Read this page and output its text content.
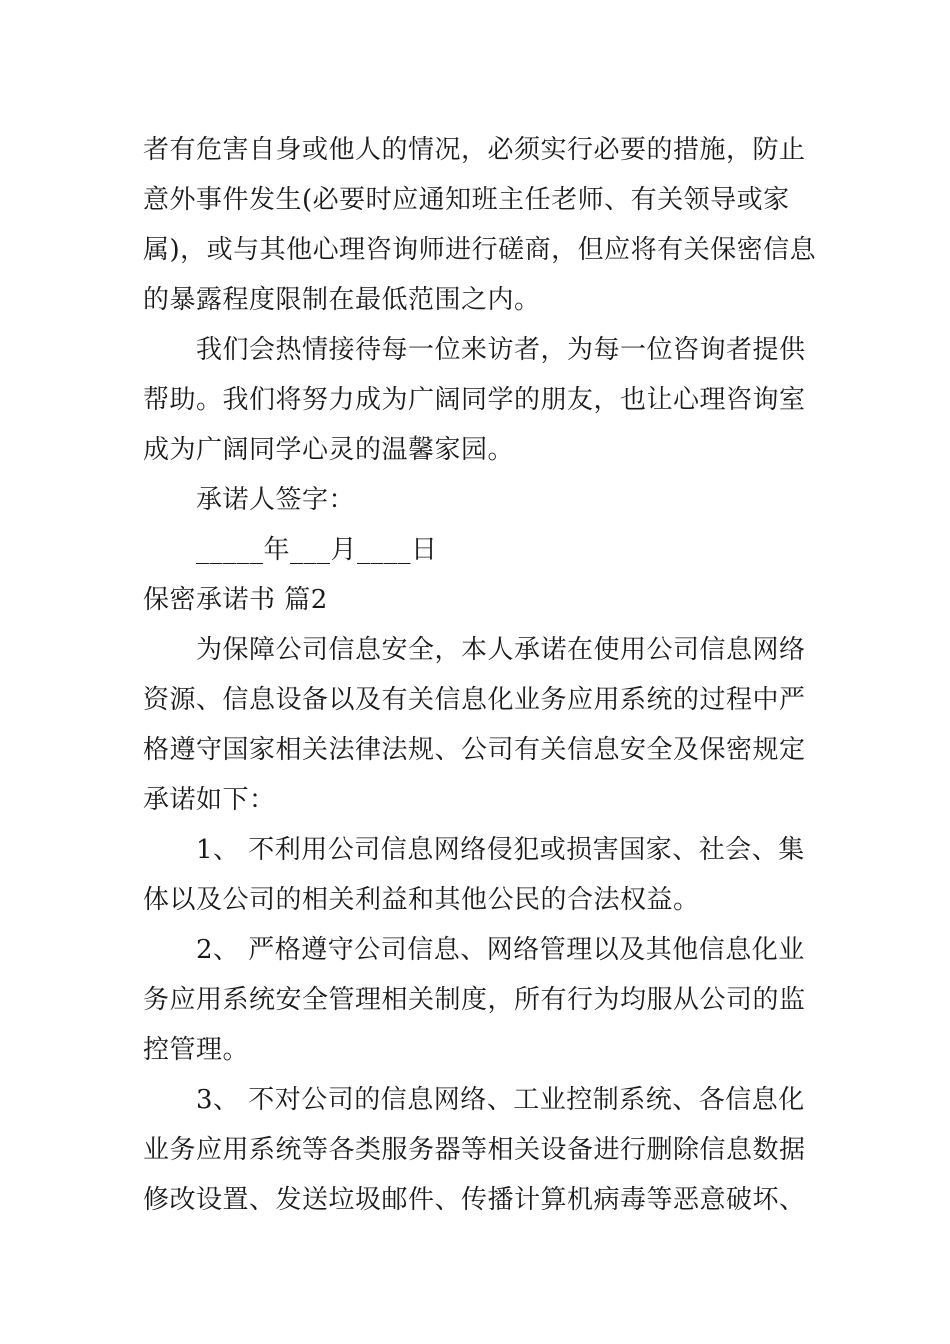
者有危害自身或他人的情况，必须实行必要的措施，防止
意外事件发生(必要时应通知班主任老师、有关领导或家
属)，或与其他心理咨询师进行磋商，但应将有关保密信息
的暴露程度限制在最低范围之内。
我们会热情接待每一位来访者，为每一位咨询者提供
帮助。我们将努力成为广阔同学的朋友，也让心理咨询室
成为广阔同学心灵的温馨家园。
承诺人签字：
_____年___月____日
保密承诺书 篇2
为保障公司信息安全，本人承诺在使用公司信息网络
资源、信息设备以及有关信息化业务应用系统的过程中严
格遵守国家相关法律法规、公司有关信息安全及保密规定
承诺如下：
1、 不利用公司信息网络侵犯或损害国家、社会、集
体以及公司的相关利益和其他公民的合法权益。
2、 严格遵守公司信息、网络管理以及其他信息化业
务应用系统安全管理相关制度，所有行为均服从公司的监
控管理。
3、 不对公司的信息网络、工业控制系统、各信息化
业务应用系统等各类服务器等相关设备进行删除信息数据
修改设置、发送垃圾邮件、传播计算机病毒等恶意破坏、
